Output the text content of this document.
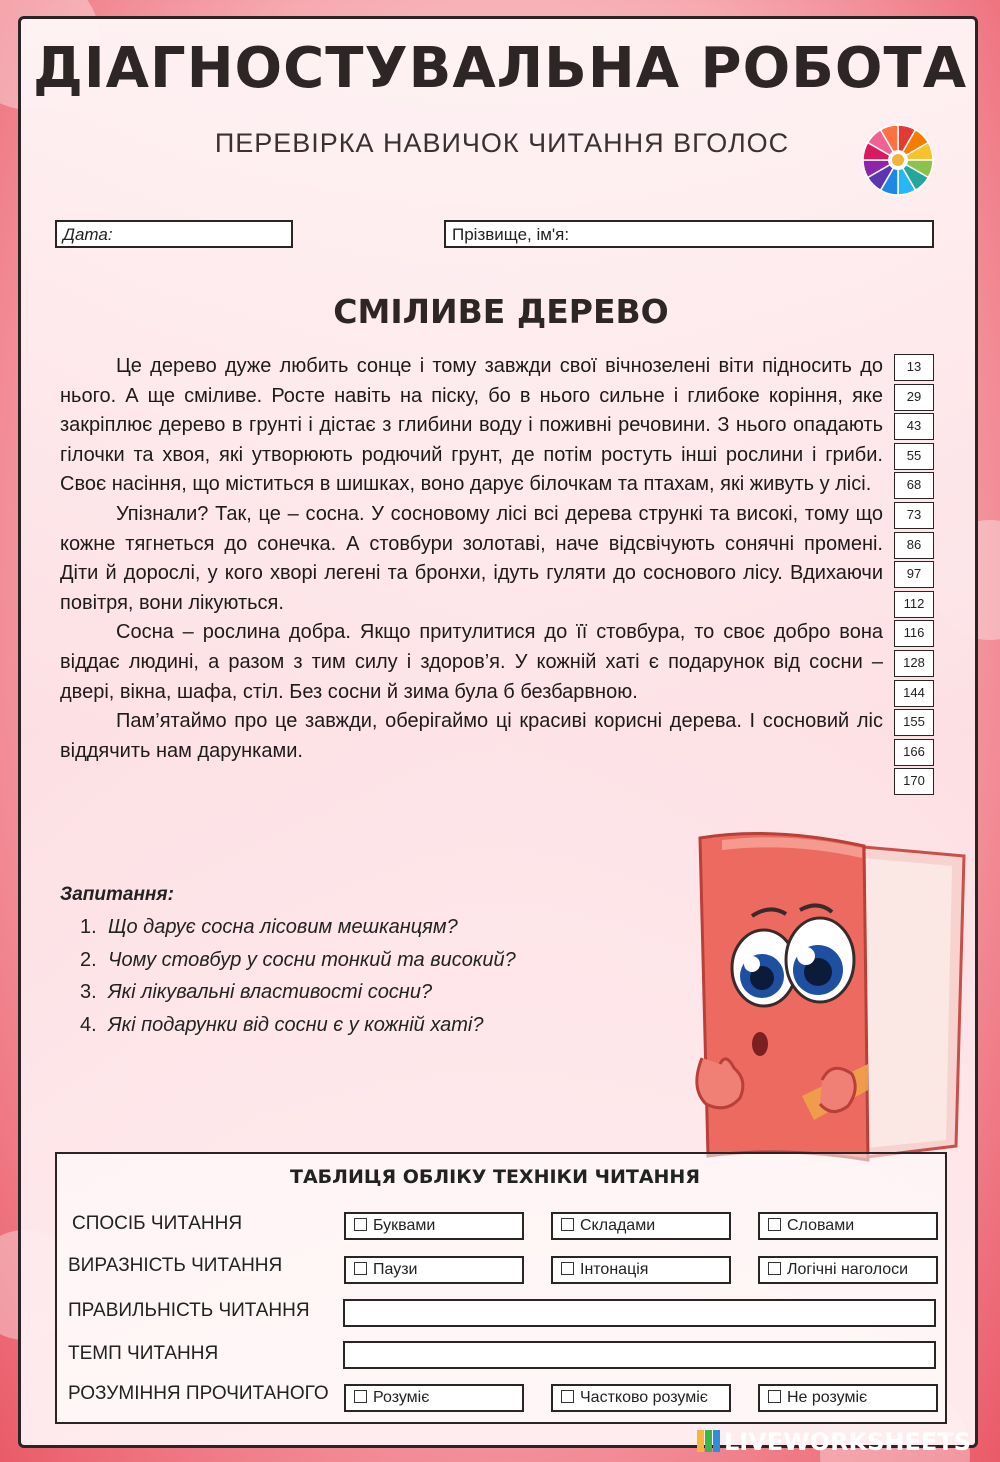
ДІАГНОСТУВАЛЬНА РОБОТА
ПЕРЕВІРКА НАВИЧОК ЧИТАННЯ ВГОЛОС
Дата:	Прізвище, ім'я:
СМІЛИВЕ ДЕРЕВО

Це дерево дуже любить сонце і тому завжди свої вічнозелені віти підносить до нього. А ще сміливе. Росте навіть на піску, бо в нього сильне і глибоке коріння, яке закріплює дерево в грунті і дістає з глибини воду і поживні речовини. З нього опадають гілочки та хвоя, які утворюють родючий грунт, де потім ростуть інші рослини і гриби. Своє насіння, що міститься в шишках, воно дарує білочкам та птахам, які живуть у лісі.

Упізнали? Так, це – сосна. У сосновому лісі всі дерева стрункі та високі, тому що кожне тягнеться до сонечка. А стовбури золотаві, наче відсвічують сонячні промені. Діти й дорослі, у кого хворі легені та бронхи, ідуть гуляти до соснового лісу. Вдихаючи повітря, вони лікуються.

Сосна – рослина добра. Якщо притулитися до її стовбура, то своє добро вона віддає людині, а разом з тим силу і здоров’я. У кожній хаті є подарунок від сосни – двері, вікна, шафа, стіл. Без сосни й зима була б безбарвною.

Пам’ятаймо про це завжди, оберігаймо ці красиві корисні дерева. І сосновий ліс віддячить нам дарунками.

13
29
43
55
68
73
86
97
112
116
128
144
155
166
170
Запитання:
1. Що дарує сосна лісовим мешканцям?
2. Чому стовбур у сосни тонкий та високий?
3. Які лікувальні властивості сосни?
4. Які подарунки від сосни є у кожній хаті?
ТАБЛИЦЯ ОБЛІКУ ТЕХНІКИ ЧИТАННЯ
СПОСІБ ЧИТАННЯ	Буквами	Складами	Словами
ВИРАЗНІСТЬ ЧИТАННЯ	Паузи	Інтонація	Логічні наголоси
ПРАВИЛЬНІСТЬ ЧИТАННЯ
ТЕМП ЧИТАННЯ
РОЗУМІННЯ ПРОЧИТАНОГО	Розуміє	Частково розуміє	Не розуміє
LIVEWORKSHEETS
